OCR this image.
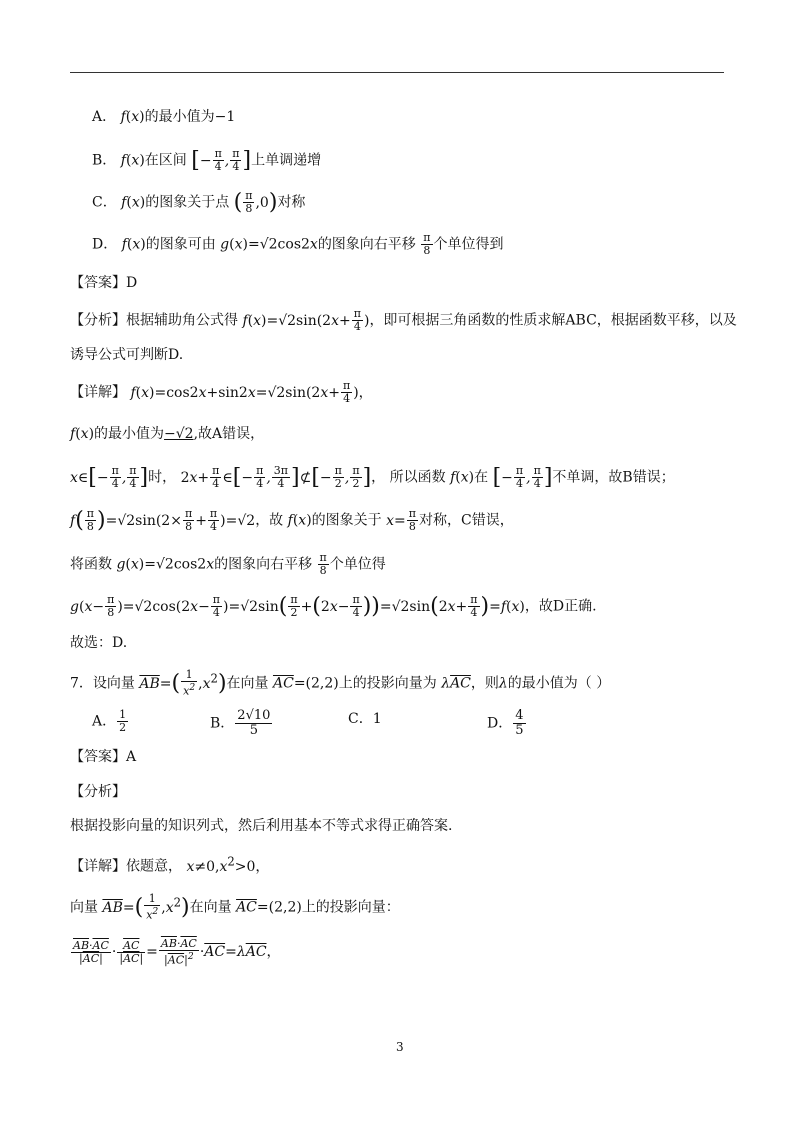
A． f(x)的最小值为−1
B． f(x)在区间 [− $\frac{\pi}{4}$ , $\frac{\pi}{4}$ ]上单调递增
C． f(x)的图象关于点 ( $\frac{\pi}{8} ,0$)对称
D． f(x)的图象可由 g(x)=√2cos2x的图象向右平移 $\frac{\pi}{8}$ 个单位得到
【答案】D
【分析】根据辅助角公式得 $f(x)=√2\sin(2x+ \frac{\pi}{4}$ )，即可根据三角函数的性质求解ABC，根据函数平移，以及
诱导公式可判断D.
【详解】 $f(x)=\cos 2x+\sin 2x=√2\sin(2x+ \frac{\pi}{4}$ )，
f(x)的最小值为−√2,故A错误，
x∈[− $\frac{\pi}{4}$ , $\frac{\pi}{4}$ ]时， $2x+ \frac{\pi}{4}$ ∈[− $\frac{\pi}{4}$ , $\frac{3\pi}{4}$ ]⊄[− $\frac{\pi}{2}$ , $\frac{\pi}{2}$ ]， 所以函数 f(x)在 [− $\frac{\pi}{4}$ , $\frac{\pi}{4}$ ]不单调，故B错误；
$f( \frac{\pi}{8} )=√2\sin(2\times \frac{\pi}{8} + \frac{\pi}{4} )=√2$，故 f(x)的图象关于 $x= \frac{\pi}{8}$ 对称，C错误，
将函数 g(x)=√2cos2x的图象向右平移 $\frac{\pi}{8}$ 个单位得
$g(x- \frac{\pi}{8} )=√2\cos(2x- \frac{\pi}{4} )=√2\sin( \frac{\pi}{2} +(2x- \frac{\pi}{4} ))=√2\sin(2x+ \frac{\pi}{4} )=f(x)$，故D正确.
故选：D.
7．设向量 $\overline{AB}=( \frac{1}{x^2} ,x^2)$在向量 $\overline{AC}=(2,2)$上的投影向量为 $\lambda\overline{AC}$，则λ的最小值为（ ）
A． $\frac{1}{2}$	B． $\frac{2√10}{5}$	C．1	D． $\frac{4}{5}$
【答案】A
【分析】
根据投影向量的知识列式，然后利用基本不等式求得正确答案.
【详解】依题意， $x\ne 0,x^2>0$，
向量 $\overline{AB}=( \frac{1}{x^2} ,x^2)$在向量 $\overline{AC}=(2,2)$上的投影向量：
$\frac{\overline{AB}\cdot\overline{AC}}{|\overline{AC}|} \cdot \frac{\overline{AC}}{|\overline{AC}|} = \frac{\overline{AB}\cdot\overline{AC}}{|\overline{AC}|^2} \cdot\overline{AC}=\lambda\overline{AC}$，
3
